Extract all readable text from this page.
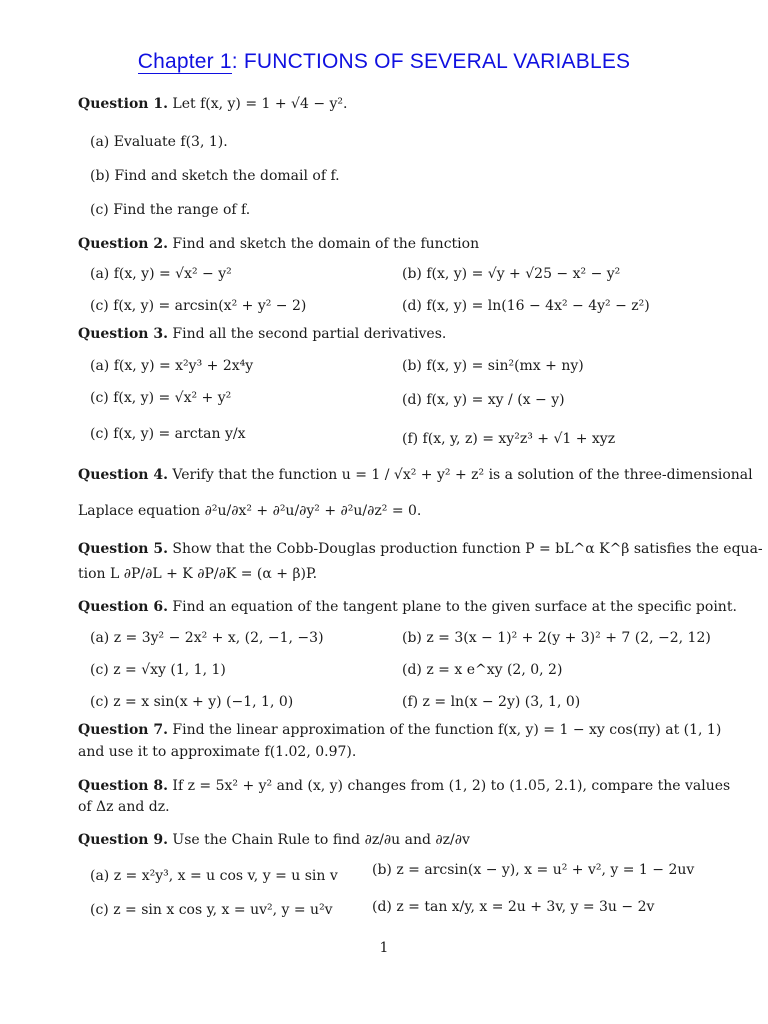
Chapter 1: FUNCTIONS OF SEVERAL VARIABLES
Question 1. Let f(x, y) = 1 + √4 − y².
(a) Evaluate f(3, 1).
(b) Find and sketch the domail of f.
(c) Find the range of f.
Question 2. Find and sketch the domain of the function
(a) f(x, y) = √x² − y²	(b) f(x, y) = √y + √25 − x² − y²
(c) f(x, y) = arcsin(x² + y² − 2)	(d) f(x, y) = ln(16 − 4x² − 4y² − z²)
Question 3. Find all the second partial derivatives.
(a) f(x, y) = x²y³ + 2x⁴y	(b) f(x, y) = sin²(mx + ny)
(c) f(x, y) = √x² + y²	(d) f(x, y) = xy / (x − y)
(c) f(x, y) = arctan y/x	(f) f(x, y, z) = xy²z³ + √1 + xyz
Question 4. Verify that the function u = 1 / √x² + y² + z² is a solution of the three-dimensional
Laplace equation ∂²u/∂x² + ∂²u/∂y² + ∂²u/∂z² = 0.
Question 5. Show that the Cobb-Douglas production function P = bL^α K^β satisfies the equa-
tion L ∂P/∂L + K ∂P/∂K = (α + β)P.
Question 6. Find an equation of the tangent plane to the given surface at the specific point.
(a) z = 3y² − 2x² + x, (2, −1, −3)	(b) z = 3(x − 1)² + 2(y + 3)² + 7 (2, −2, 12)
(c) z = √xy (1, 1, 1)	(d) z = x e^xy (2, 0, 2)
(c) z = x sin(x + y) (−1, 1, 0)	(f) z = ln(x − 2y) (3, 1, 0)
Question 7. Find the linear approximation of the function f(x, y) = 1 − xy cos(πy) at (1, 1)
and use it to approximate f(1.02, 0.97).
Question 8. If z = 5x² + y² and (x, y) changes from (1, 2) to (1.05, 2.1), compare the values
of Δz and dz.
Question 9. Use the Chain Rule to find ∂z/∂u and ∂z/∂v
(a) z = x²y³, x = u cos v, y = u sin v (b) z = arcsin(x − y), x = u² + v², y = 1 − 2uv
(c) z = sin x cos y, x = uv², y = u²v	(d) z = tan x/y, x = 2u + 3v, y = 3u − 2v
1
